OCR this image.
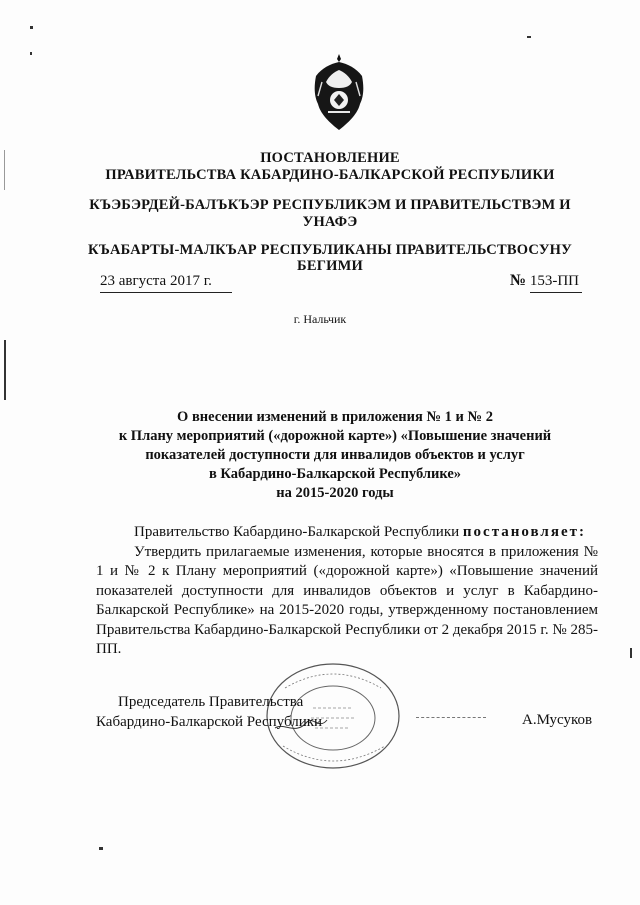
ПОСТАНОВЛЕНИЕ
ПРАВИТЕЛЬСТВА КАБАРДИНО-БАЛКАРСКОЙ РЕСПУБЛИКИ
КЪЭБЭРДЕЙ-БАЛЪКЪЭР РЕСПУБЛИКЭМ И ПРАВИТЕЛЬСТВЭМ И
УНАФЭ
КЪАБАРТЫ-МАЛКЪАР РЕСПУБЛИКАНЫ ПРАВИТЕЛЬСТВОСУНУ
БЕГИМИ
23 августа 2017 г.	№ 153-ПП
г. Нальчик
О внесении изменений в приложения № 1 и № 2
к Плану мероприятий («дорожной карте») «Повышение значений
показателей доступности для инвалидов объектов и услуг
в Кабардино-Балкарской Республике»
на 2015-2020 годы

Правительство Кабардино-Балкарской Республики постановляет:

Утвердить прилагаемые изменения, которые вносятся в приложения № 1 и № 2 к Плану мероприятий («дорожной карте») «Повышение значений показателей доступности для инвалидов объектов и услуг в Кабардино-Балкарской Республике» на 2015-2020 годы, утвержденному постановлением Правительства Кабардино-Балкарской Республики от 2 декабря 2015 г. № 285-ПП.

Председатель Правительства
Кабардино-Балкарской Республики	А.Мусуков
